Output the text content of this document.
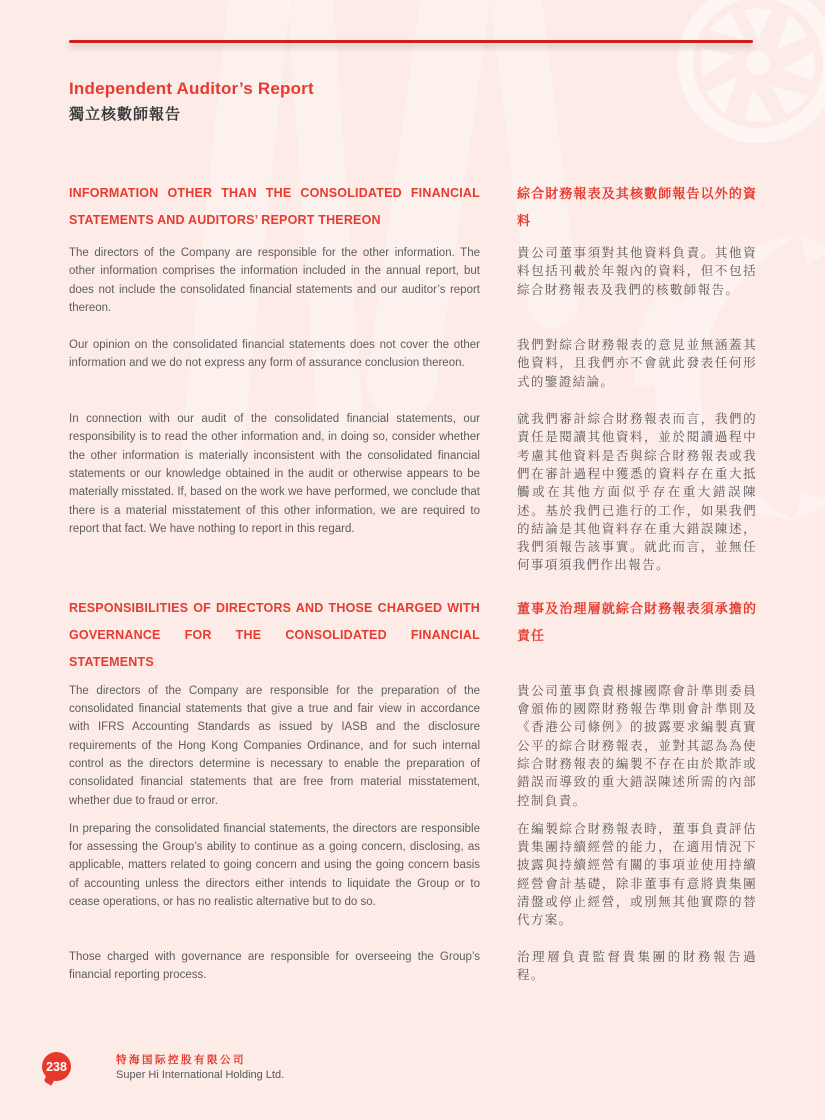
Independent Auditor’s Report
獨立核數師報告
INFORMATION OTHER THAN THE CONSOLIDATED FINANCIAL STATEMENTS AND AUDITORS’ REPORT THEREON
綜合財務報表及其核數師報告以外的資料

The directors of the Company are responsible for the other information. The other information comprises the information included in the annual report, but does not include the consolidated financial statements and our auditor’s report thereon.

貴公司董事須對其他資料負責。其他資料包括刊載於年報內的資料，但不包括綜合財務報表及我們的核數師報告。

Our opinion on the consolidated financial statements does not cover the other information and we do not express any form of assurance conclusion thereon.

我們對綜合財務報表的意見並無涵蓋其他資料，且我們亦不會就此發表任何形式的鑒證結論。

In connection with our audit of the consolidated financial statements, our responsibility is to read the other information and, in doing so, consider whether the other information is materially inconsistent with the consolidated financial statements or our knowledge obtained in the audit or otherwise appears to be materially misstated. If, based on the work we have performed, we conclude that there is a material misstatement of this other information, we are required to report that fact. We have nothing to report in this regard.

就我們審計綜合財務報表而言，我們的責任是閱讀其他資料，並於閱讀過程中考慮其他資料是否與綜合財務報表或我們在審計過程中獲悉的資料存在重大抵觸或在其他方面似乎存在重大錯誤陳述。基於我們已進行的工作，如果我們的結論是其他資料存在重大錯誤陳述，我們須報告該事實。就此而言，並無任何事項須我們作出報告。

RESPONSIBILITIES OF DIRECTORS AND THOSE CHARGED WITH GOVERNANCE FOR THE CONSOLIDATED FINANCIAL STATEMENTS
董事及治理層就綜合財務報表須承擔的責任

The directors of the Company are responsible for the preparation of the consolidated financial statements that give a true and fair view in accordance with IFRS Accounting Standards as issued by IASB and the disclosure requirements of the Hong Kong Companies Ordinance, and for such internal control as the directors determine is necessary to enable the preparation of consolidated financial statements that are free from material misstatement, whether due to fraud or error.

貴公司董事負責根據國際會計準則委員會頒佈的國際財務報告準則會計準則及《香港公司條例》的披露要求編製真實公平的綜合財務報表，並對其認為為使綜合財務報表的編製不存在由於欺詐或錯誤而導致的重大錯誤陳述所需的內部控制負責。

In preparing the consolidated financial statements, the directors are responsible for assessing the Group’s ability to continue as a going concern, disclosing, as applicable, matters related to going concern and using the going concern basis of accounting unless the directors either intends to liquidate the Group or to cease operations, or has no realistic alternative but to do so.

在編製綜合財務報表時，董事負責評估貴集團持續經營的能力，在適用情況下披露與持續經營有關的事項並使用持續經營會計基礎，除非董事有意將貴集團清盤或停止經營，或別無其他實際的替代方案。

Those charged with governance are responsible for overseeing the Group’s financial reporting process.

治理層負責監督貴集團的財務報告過程。

238	特海国际控股有限公司
Super Hi International Holding Ltd.
